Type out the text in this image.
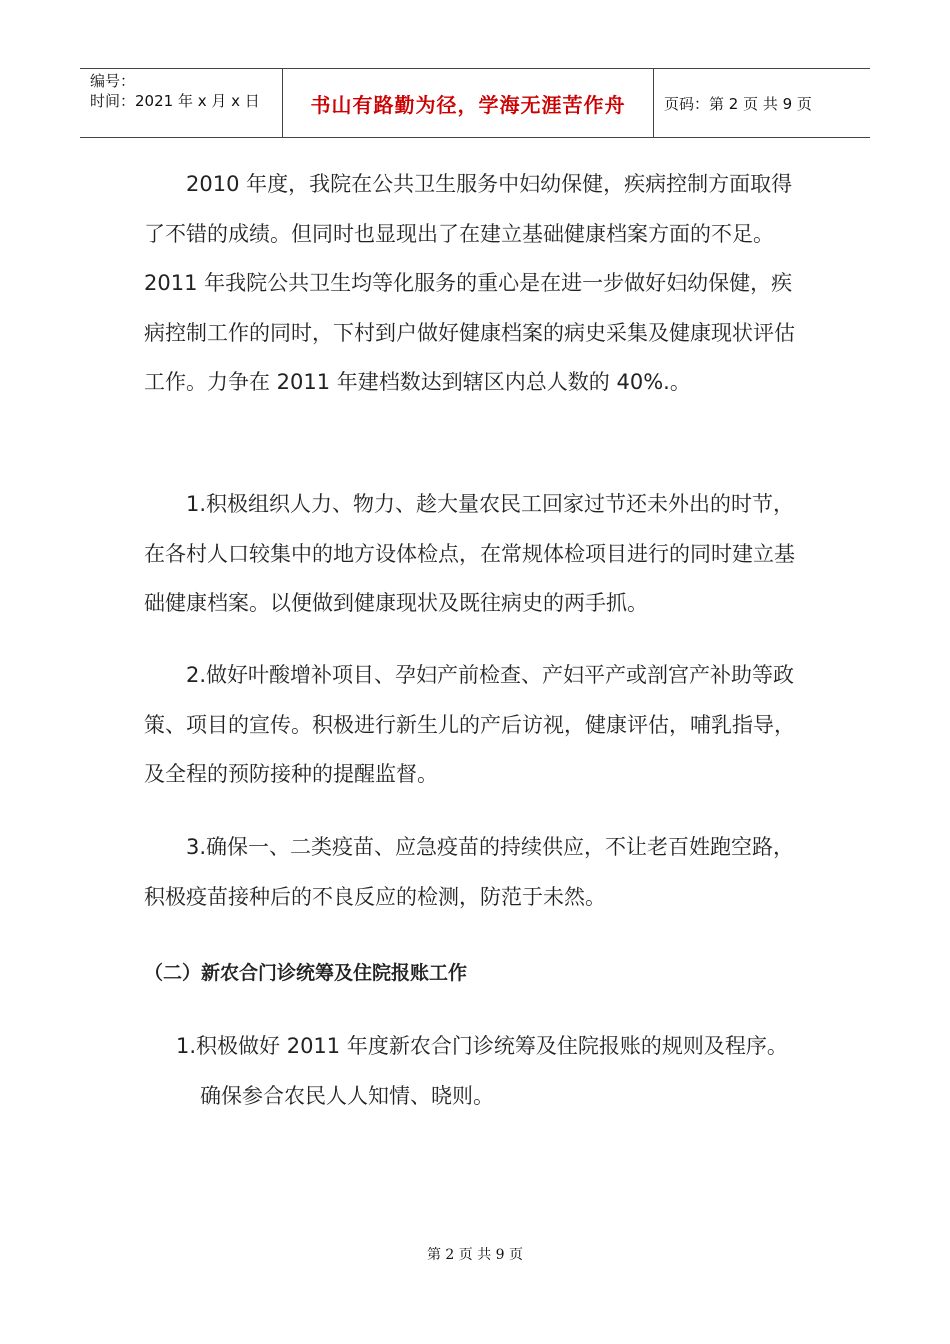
编号：
时间：2021 年 x 月 x 日	书山有路勤为径，学海无涯苦作舟	页码：第 2 页 共 9 页

2010 年度，我院在公共卫生服务中妇幼保健，疾病控制方面取得了不错的成绩。但同时也显现出了在建立基础健康档案方面的不足。2011 年我院公共卫生均等化服务的重心是在进一步做好妇幼保健，疾病控制工作的同时，下村到户做好健康档案的病史采集及健康现状评估工作。力争在 2011 年建档数达到辖区内总人数的 40%.。

1.积极组织人力、物力、趁大量农民工回家过节还未外出的时节，在各村人口较集中的地方设体检点，在常规体检项目进行的同时建立基础健康档案。以便做到健康现状及既往病史的两手抓。

2.做好叶酸增补项目、孕妇产前检查、产妇平产或剖宫产补助等政策、项目的宣传。积极进行新生儿的产后访视，健康评估，哺乳指导，及全程的预防接种的提醒监督。

3.确保一、二类疫苗、应急疫苗的持续供应，不让老百姓跑空路，积极疫苗接种后的不良反应的检测，防范于未然。

（二）新农合门诊统筹及住院报账工作
1.积极做好 2011 年度新农合门诊统筹及住院报账的规则及程序。
确保参合农民人人知情、晓则。
第 2 页 共 9 页
